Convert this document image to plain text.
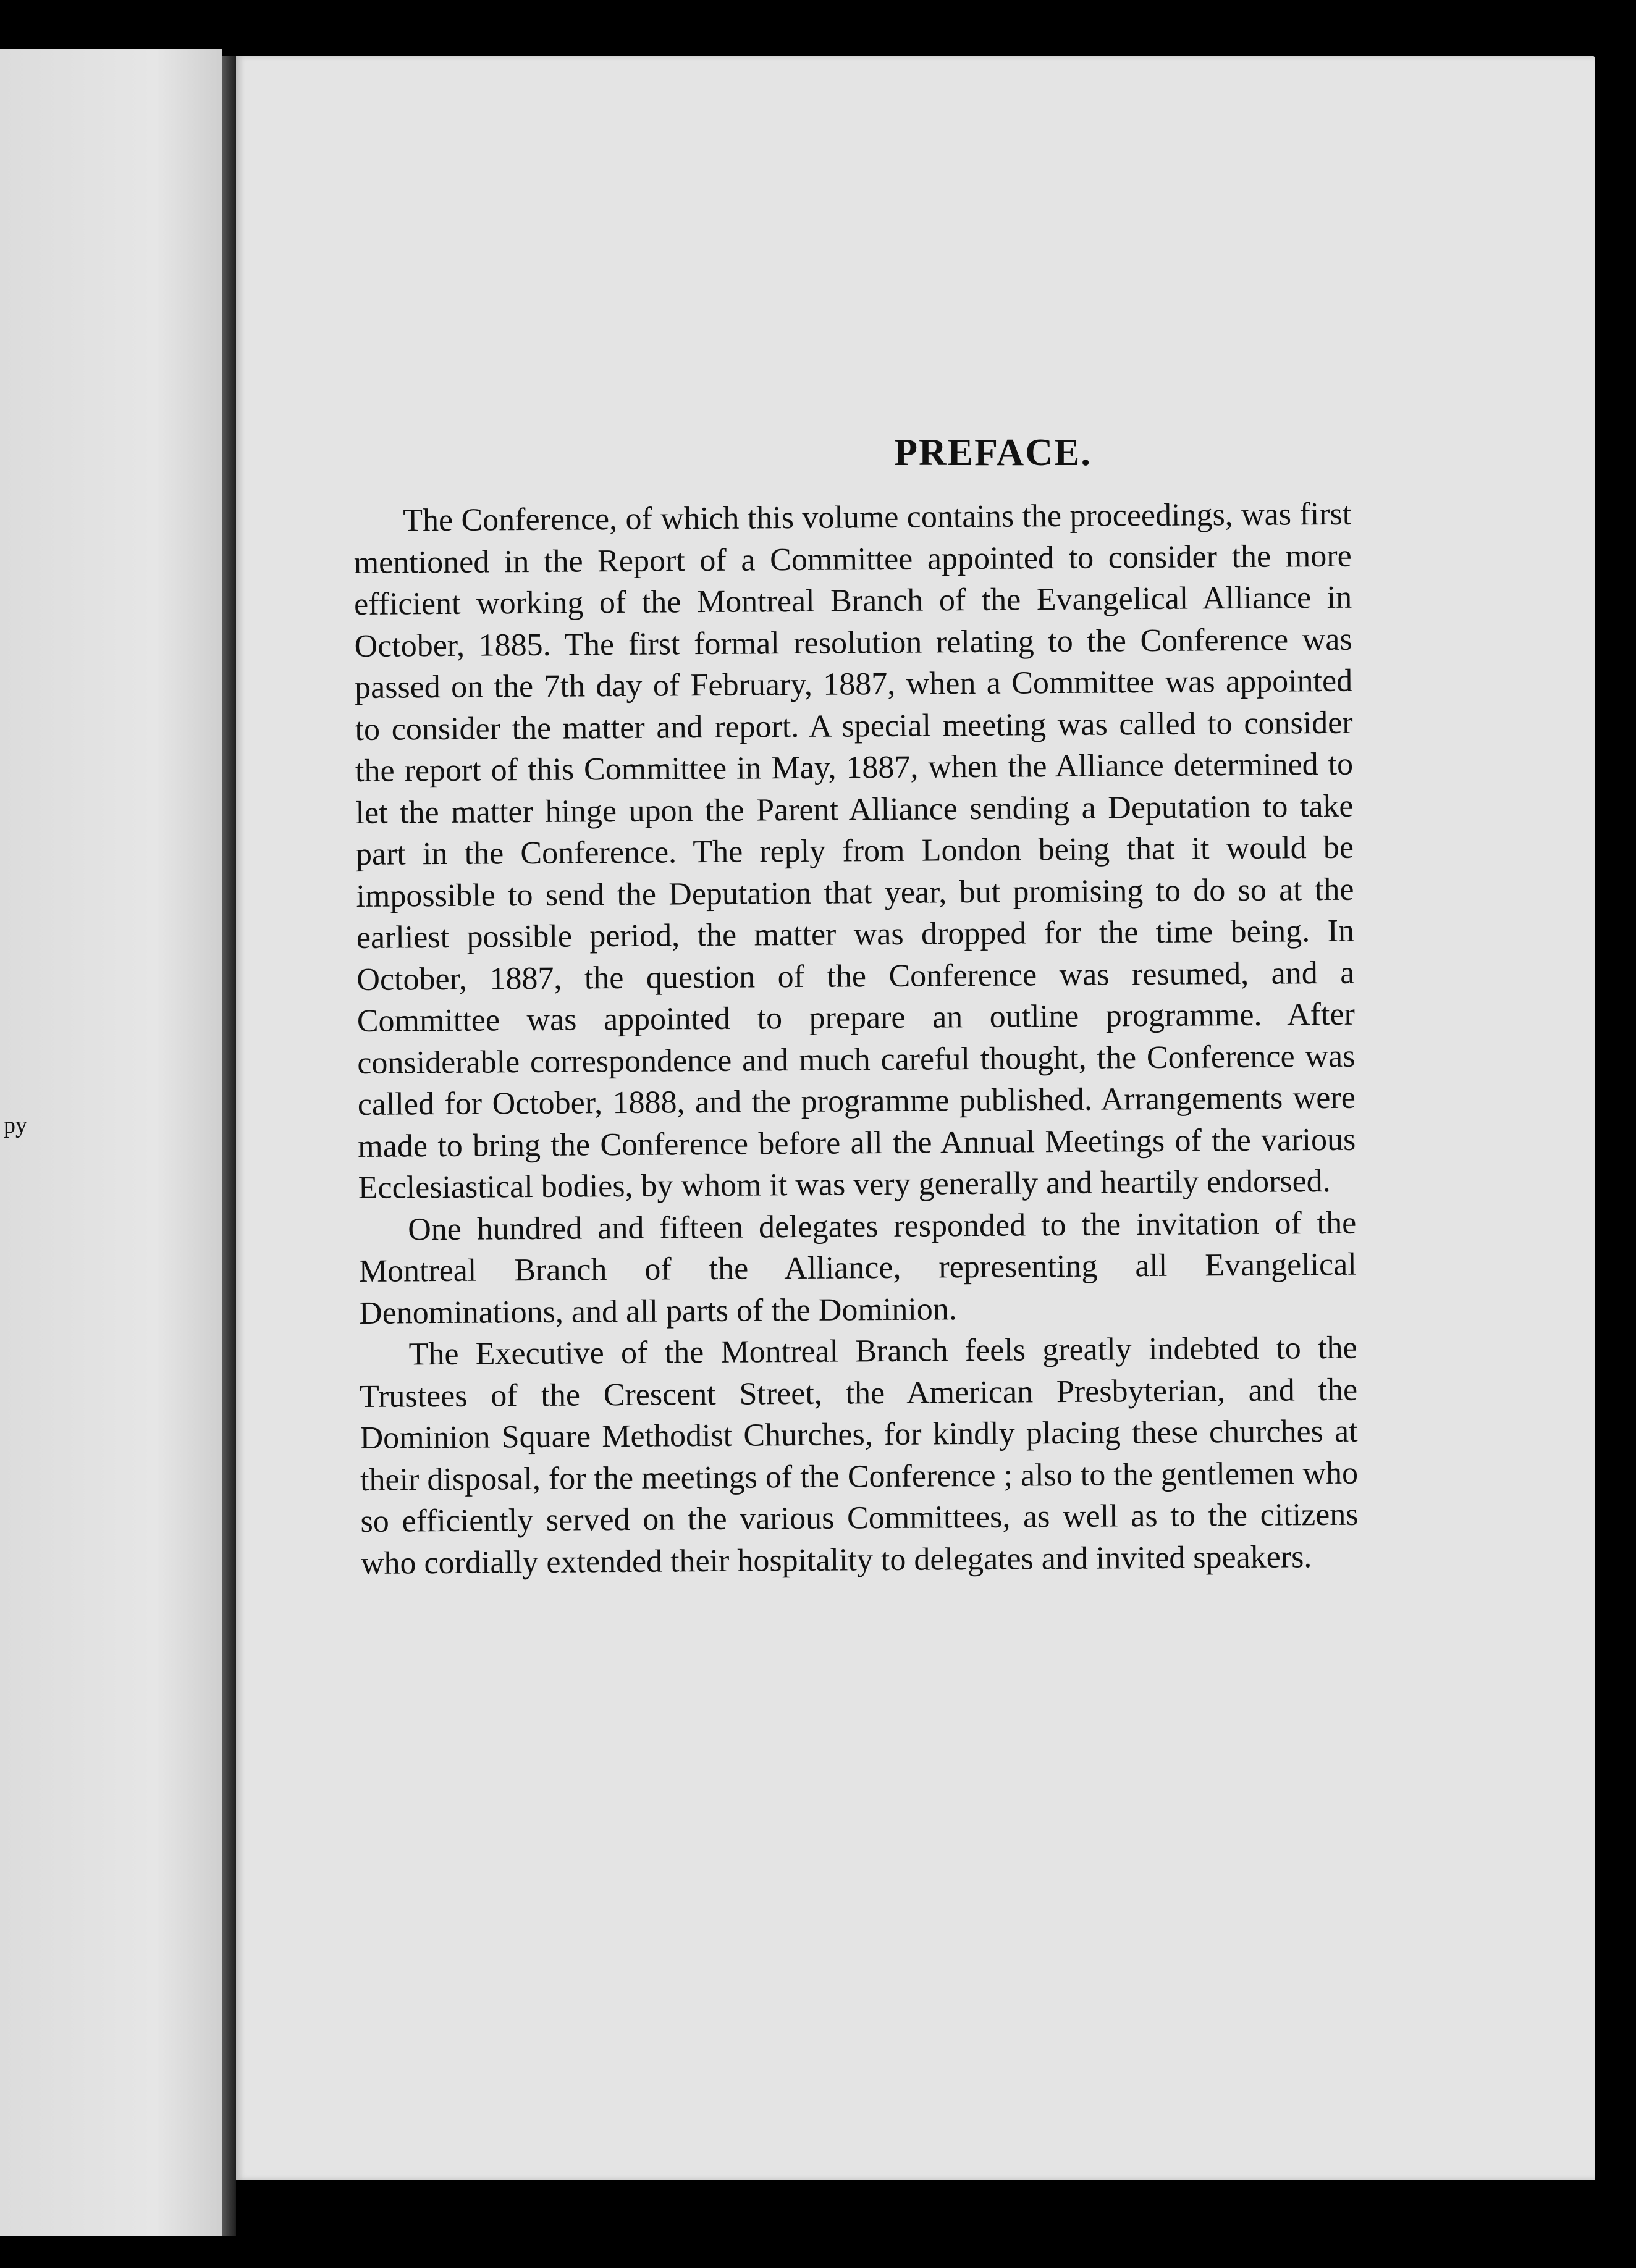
py
PREFACE.

The Conference, of which this volume contains the proceedings, was first mentioned in the Report of a Committee appointed to consider the more efficient working of the Montreal Branch of the Evangelical Alliance in October, 1885. The first formal resolution relating to the Conference was passed on the 7th day of February, 1887, when a Committee was appointed to consider the matter and report. A special meeting was called to consider the report of this Committee in May, 1887, when the Alliance determined to let the matter hinge upon the Parent Alliance sending a Deputation to take part in the Conference. The reply from London being that it would be impossible to send the Deputation that year, but promising to do so at the earliest possible period, the matter was dropped for the time being. In October, 1887, the question of the Conference was resumed, and a Committee was appointed to prepare an outline programme. After considerable correspondence and much careful thought, the Conference was called for October, 1888, and the programme published. Arrangements were made to bring the Conference before all the Annual Meetings of the various Ecclesiastical bodies, by whom it was very generally and heartily endorsed.

One hundred and fifteen delegates responded to the invitation of the Montreal Branch of the Alliance, representing all Evangelical Denominations, and all parts of the Dominion.

The Executive of the Montreal Branch feels greatly indebted to the Trustees of the Crescent Street, the American Presbyterian, and the Dominion Square Methodist Churches, for kindly placing these churches at their disposal, for the meetings of the Conference ; also to the gentlemen who so efficiently served on the various Committees, as well as to the citizens who cordially extended their hospitality to delegates and invited speakers.
